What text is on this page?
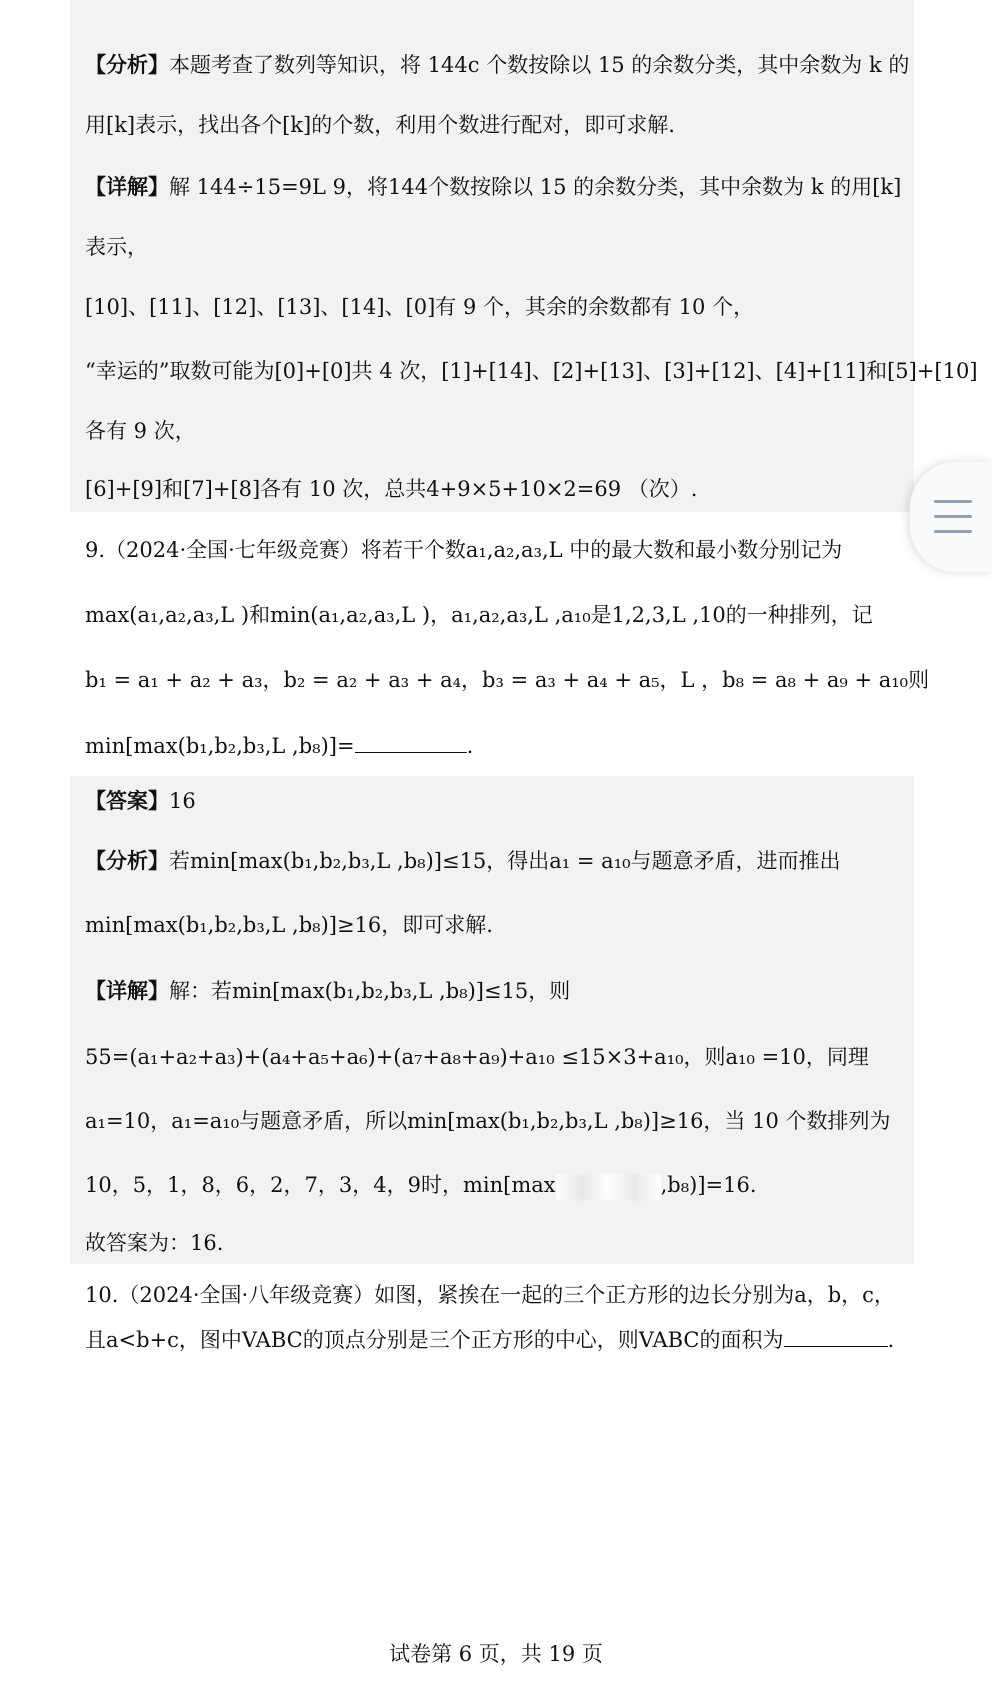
【分析】本题考查了数列等知识，将 144c 个数按除以 15 的余数分类，其中余数为 k 的
用[k]表示，找出各个[k]的个数，利用个数进行配对，即可求解.
【详解】解 144÷15=9L 9，将144个数按除以 15 的余数分类，其中余数为 k 的用[k]
表示，
[10]、[11]、[12]、[13]、[14]、[0]有 9 个，其余的余数都有 10 个，
“幸运的”取数可能为[0]+[0]共 4 次，[1]+[14]、[2]+[13]、[3]+[12]、[4]+[11]和[5]+[10]
各有 9 次，
[6]+[9]和[7]+[8]各有 10 次，总共4+9×5+10×2=69 （次）.
9.（2024·全国·七年级竞赛）将若干个数a₁,a₂,a₃,L 中的最大数和最小数分别记为
max(a₁,a₂,a₃,L )和min(a₁,a₂,a₃,L )，a₁,a₂,a₃,L ,a₁₀是1,2,3,L ,10的一种排列，记
b₁ = a₁ + a₂ + a₃，b₂ = a₂ + a₃ + a₄，b₃ = a₃ + a₄ + a₅，L ，b₈ = a₈ + a₉ + a₁₀则
min[max(b₁,b₂,b₃,L ,b₈)]=	.
【答案】16
【分析】若min[max(b₁,b₂,b₃,L ,b₈)]≤15，得出a₁ = a₁₀与题意矛盾，进而推出
min[max(b₁,b₂,b₃,L ,b₈)]≥16，即可求解.
【详解】解：若min[max(b₁,b₂,b₃,L ,b₈)]≤15，则
55=(a₁+a₂+a₃)+(a₄+a₅+a₆)+(a₇+a₈+a₉)+a₁₀ ≤15×3+a₁₀，则a₁₀ =10，同理
a₁=10，a₁=a₁₀与题意矛盾，所以min[max(b₁,b₂,b₃,L ,b₈)]≥16，当 10 个数排列为
10，5，1，8，6，2，7，3，4，9时，min[max	,b₈)]=16.
故答案为：16.
10.（2024·全国·八年级竞赛）如图，紧挨在一起的三个正方形的边长分别为a，b，c，
且a<b+c，图中VABC的顶点分别是三个正方形的中心，则VABC的面积为	.
试卷第 6 页，共 19 页
